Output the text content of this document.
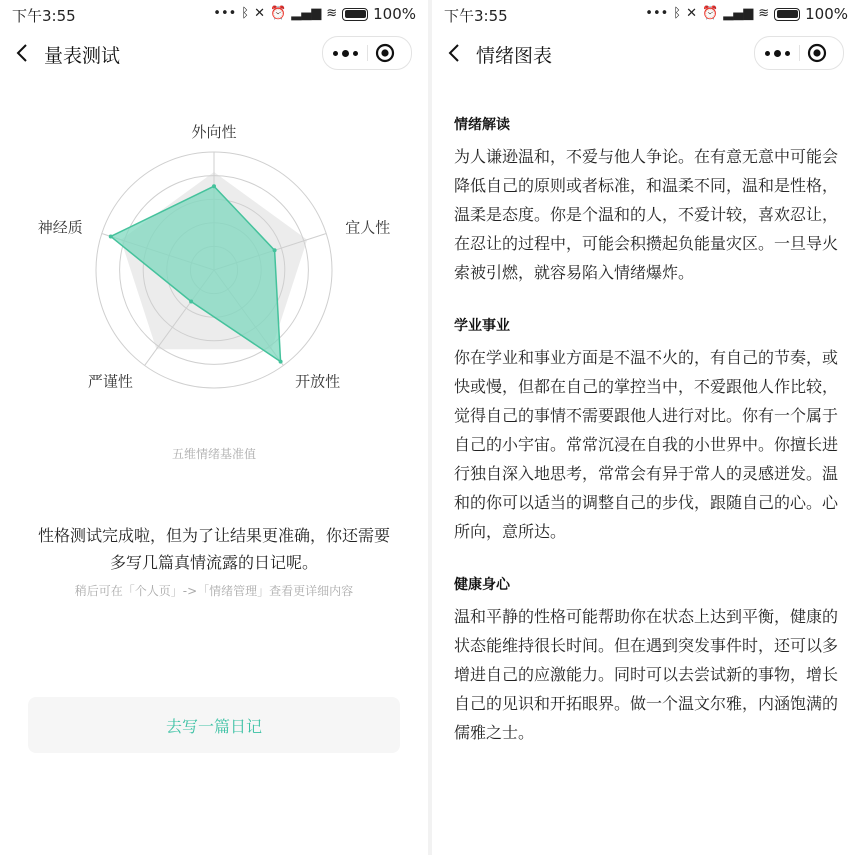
下午3:55	••• ᛒ ✕ ⏰ ▂▄▆ ≋ 100%
量表测试
外向性
宜人性
开放性
严谨性
神经质
五维情绪基准值
性格测试完成啦，但为了让结果更准确，你还需要多写几篇真情流露的日记呢。
稍后可在「个人页」->「情绪管理」查看更详细内容
去写一篇日记
下午3:55	••• ᛒ ✕ ⏰ ▂▄▆ ≋ 100%
情绪图表
情绪解读

为人谦逊温和，不爱与他人争论。在有意无意中可能会降低自己的原则或者标准，和温柔不同，温和是性格，温柔是态度。你是个温和的人，不爱计较，喜欢忍让，在忍让的过程中，可能会积攒起负能量灾区。一旦导火索被引燃，就容易陷入情绪爆炸。

学业事业

你在学业和事业方面是不温不火的，有自己的节奏，或快或慢，但都在自己的掌控当中，不爱跟他人作比较，觉得自己的事情不需要跟他人进行对比。你有一个属于自己的小宇宙。常常沉浸在自我的小世界中。你擅长进行独自深入地思考，常常会有异于常人的灵感迸发。温和的你可以适当的调整自己的步伐，跟随自己的心。心所向，意所达。

健康身心

温和平静的性格可能帮助你在状态上达到平衡，健康的状态能维持很长时间。但在遇到突发事件时，还可以多增进自己的应激能力。同时可以去尝试新的事物，增长自己的见识和开拓眼界。做一个温文尔雅，内涵饱满的儒雅之士。
